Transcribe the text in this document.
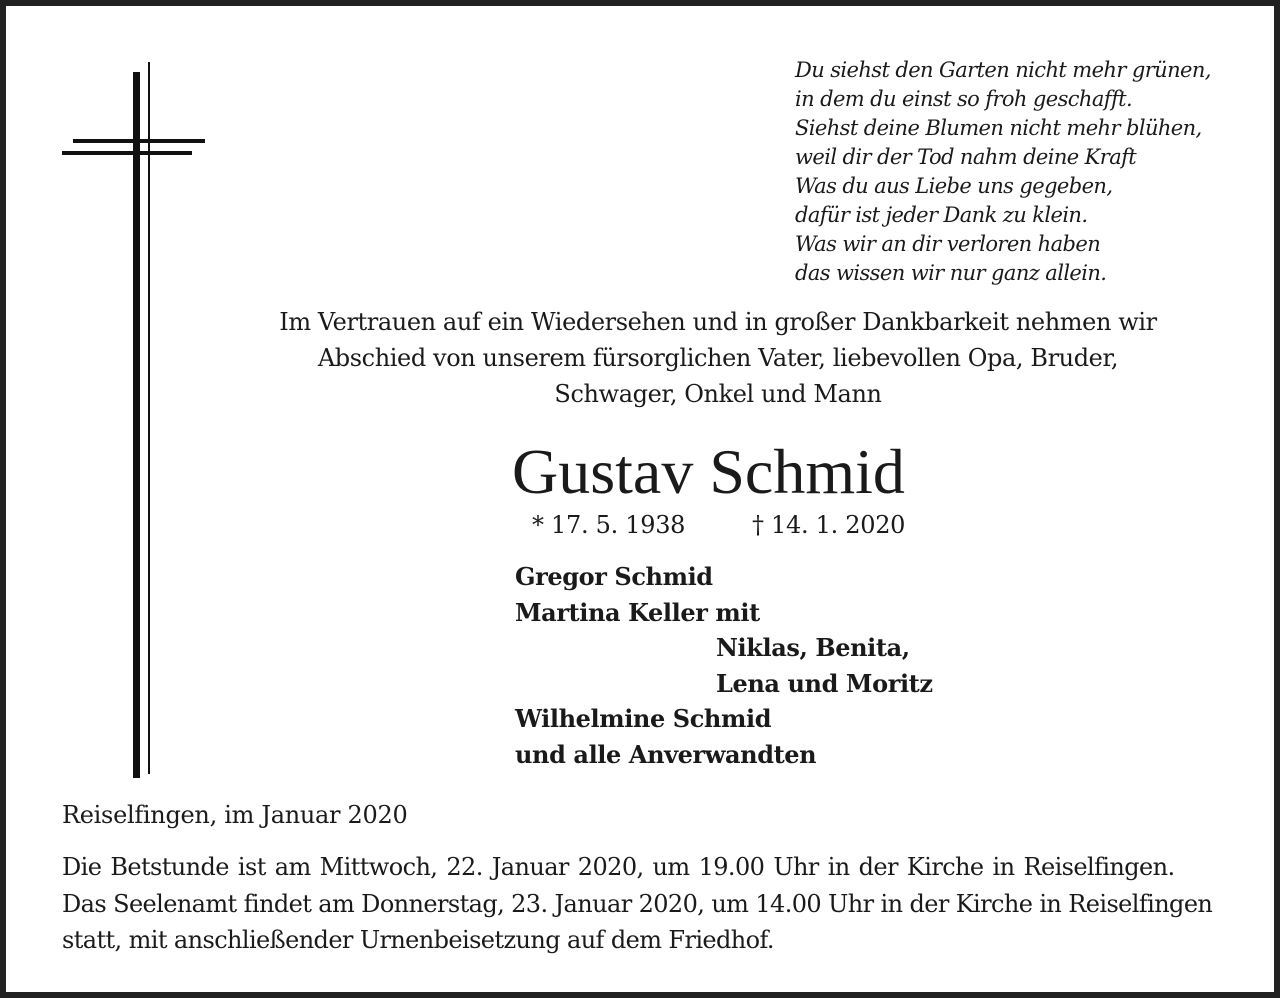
Du siehst den Garten nicht mehr grünen,
in dem du einst so froh geschafft.
Siehst deine Blumen nicht mehr blühen,
weil dir der Tod nahm deine Kraft
Was du aus Liebe uns gegeben,
dafür ist jeder Dank zu klein.
Was wir an dir verloren haben
das wissen wir nur ganz allein.
Im Vertrauen auf ein Wiedersehen und in großer Dankbarkeit nehmen wir
Abschied von unserem fürsorglichen Vater, liebevollen Opa, Bruder,
Schwager, Onkel und Mann
Gustav Schmid
* 17. 5. 1938	† 14. 1. 2020
Gregor Schmid
Martina Keller mit
Niklas, Benita,
Lena und Moritz
Wilhelmine Schmid
und alle Anverwandten
Reiselfingen, im Januar 2020
Die Betstunde ist am Mittwoch, 22. Januar 2020, um 19.00 Uhr in der Kirche in Reiselfingen.
Das Seelenamt findet am Donnerstag, 23. Januar 2020, um 14.00 Uhr in der Kirche in Reiselfingen
statt, mit anschließender Urnenbeisetzung auf dem Friedhof.
